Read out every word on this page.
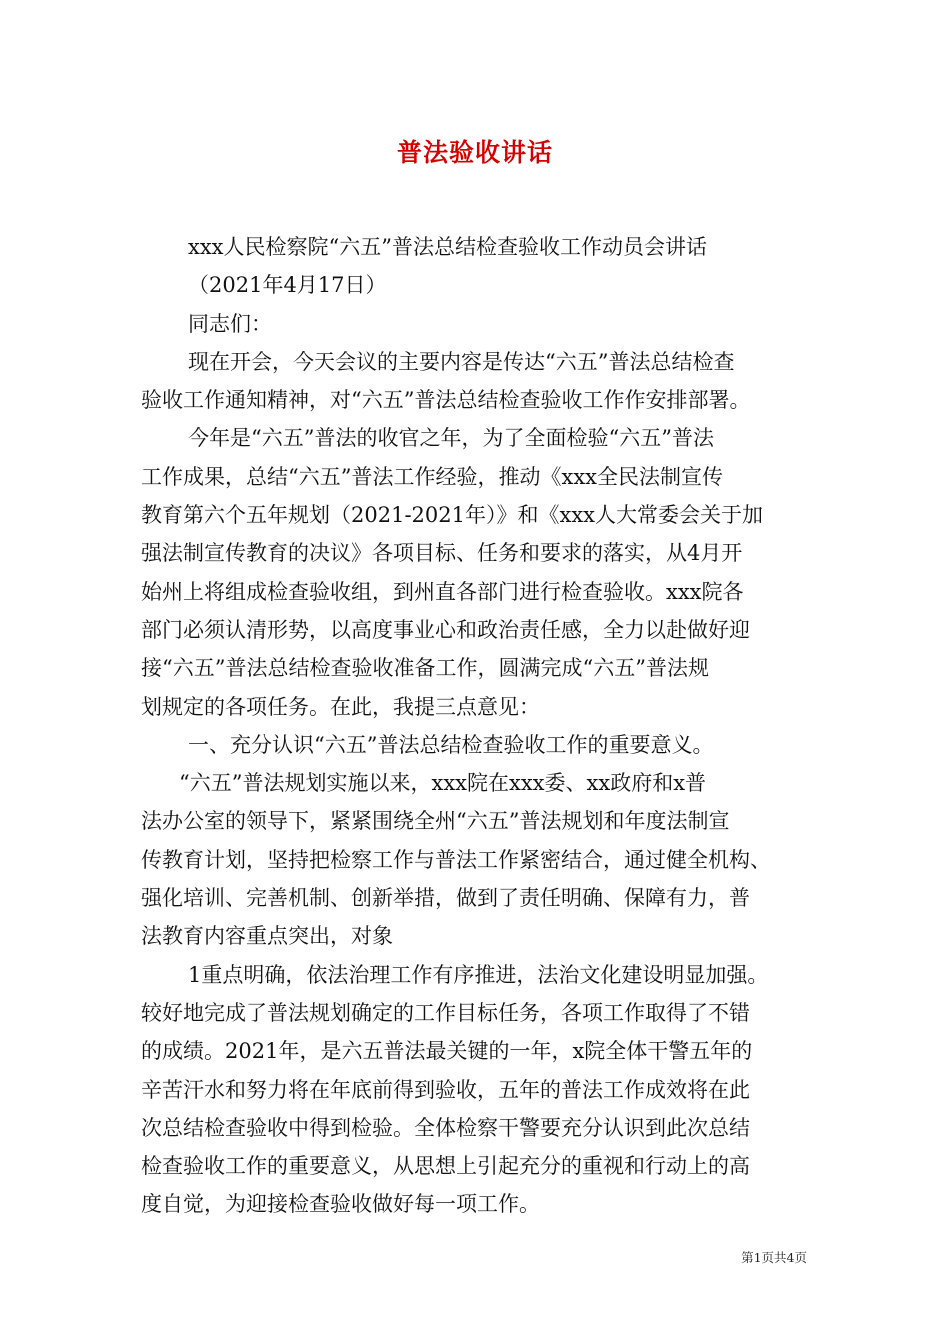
普法验收讲话
xxx人民检察院“六五”普法总结检查验收工作动员会讲话
（2021年4月17日）
同志们：
现在开会，今天会议的主要内容是传达“六五”普法总结检查
验收工作通知精神，对“六五”普法总结检查验收工作作安排部署。
今年是“六五”普法的收官之年，为了全面检验“六五”普法
工作成果，总结“六五”普法工作经验，推动《xxx全民法制宣传
教育第六个五年规划（2021-2021年）》和《xxx人大常委会关于加
强法制宣传教育的决议》各项目标、任务和要求的落实，从4月开
始州上将组成检查验收组，到州直各部门进行检查验收。xxx院各
部门必须认清形势，以高度事业心和政治责任感，全力以赴做好迎
接“六五”普法总结检查验收准备工作，圆满完成“六五”普法规
划规定的各项任务。在此，我提三点意见：
一、充分认识“六五”普法总结检查验收工作的重要意义。
“六五”普法规划实施以来，xxx院在xxx委、xx政府和x普
法办公室的领导下，紧紧围绕全州“六五”普法规划和年度法制宣
传教育计划，坚持把检察工作与普法工作紧密结合，通过健全机构、
强化培训、完善机制、创新举措，做到了责任明确、保障有力，普
法教育内容重点突出，对象
1重点明确，依法治理工作有序推进，法治文化建设明显加强。
较好地完成了普法规划确定的工作目标任务，各项工作取得了不错
的成绩。2021年，是六五普法最关键的一年，x院全体干警五年的
辛苦汗水和努力将在年底前得到验收，五年的普法工作成效将在此
次总结检查验收中得到检验。全体检察干警要充分认识到此次总结
检查验收工作的重要意义，从思想上引起充分的重视和行动上的高
度自觉，为迎接检查验收做好每一项工作。
第1页共4页
